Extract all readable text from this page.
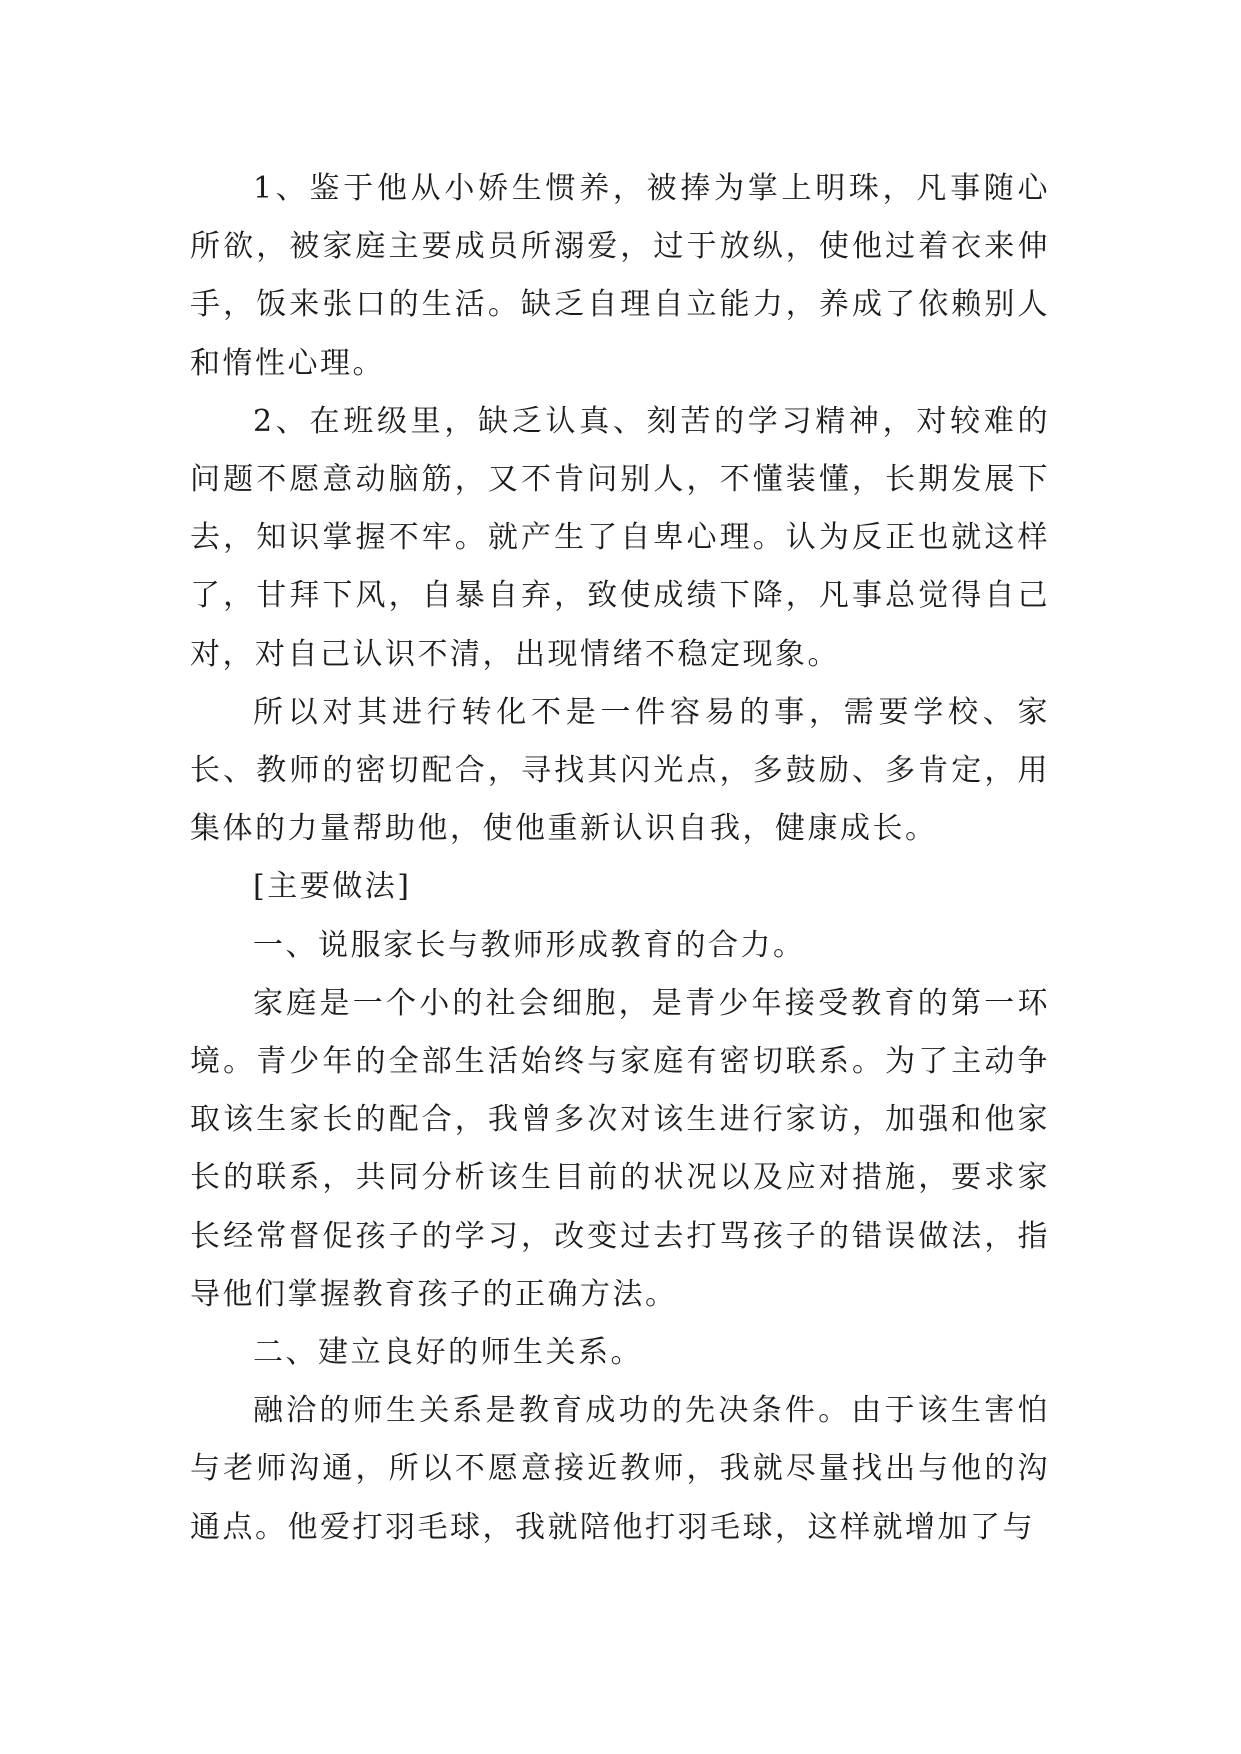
1、鉴于他从小娇生惯养，被捧为掌上明珠，凡事随心所欲，被家庭主要成员所溺爱，过于放纵，使他过着衣来伸手，饭来张口的生活。缺乏自理自立能力，养成了依赖别人和惰性心理。

2、在班级里，缺乏认真、刻苦的学习精神，对较难的问题不愿意动脑筋，又不肯问别人，不懂装懂，长期发展下去，知识掌握不牢。就产生了自卑心理。认为反正也就这样了，甘拜下风，自暴自弃，致使成绩下降，凡事总觉得自己对，对自己认识不清，出现情绪不稳定现象。

所以对其进行转化不是一件容易的事，需要学校、家长、教师的密切配合，寻找其闪光点，多鼓励、多肯定，用集体的力量帮助他，使他重新认识自我，健康成长。

[主要做法]

一、说服家长与教师形成教育的合力。

家庭是一个小的社会细胞，是青少年接受教育的第一环境。青少年的全部生活始终与家庭有密切联系。为了主动争取该生家长的配合，我曾多次对该生进行家访，加强和他家长的联系，共同分析该生目前的状况以及应对措施，要求家长经常督促孩子的学习，改变过去打骂孩子的错误做法，指导他们掌握教育孩子的正确方法。

二、建立良好的师生关系。

融洽的师生关系是教育成功的先决条件。由于该生害怕与老师沟通，所以不愿意接近教师，我就尽量找出与他的沟通点。他爱打羽毛球，我就陪他打羽毛球，这样就增加了与
